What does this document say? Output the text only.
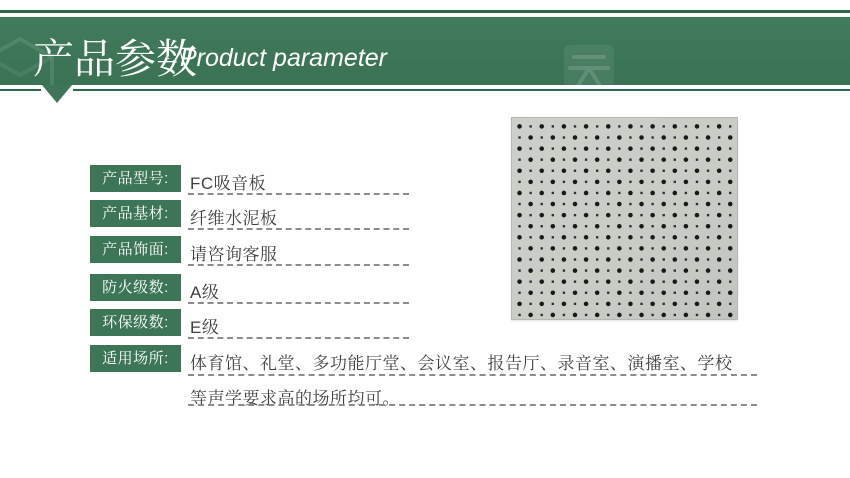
产品参数
/Product parameter
产品型号:	FC吸音板
产品基材:	纤维水泥板
产品饰面:	请咨询客服
防火级数:	A级
环保级数:	E级
适用场所:	体育馆、礼堂、多功能厅堂、会议室、报告厅、录音室、演播室、学校
等声学要求高的场所均可。
